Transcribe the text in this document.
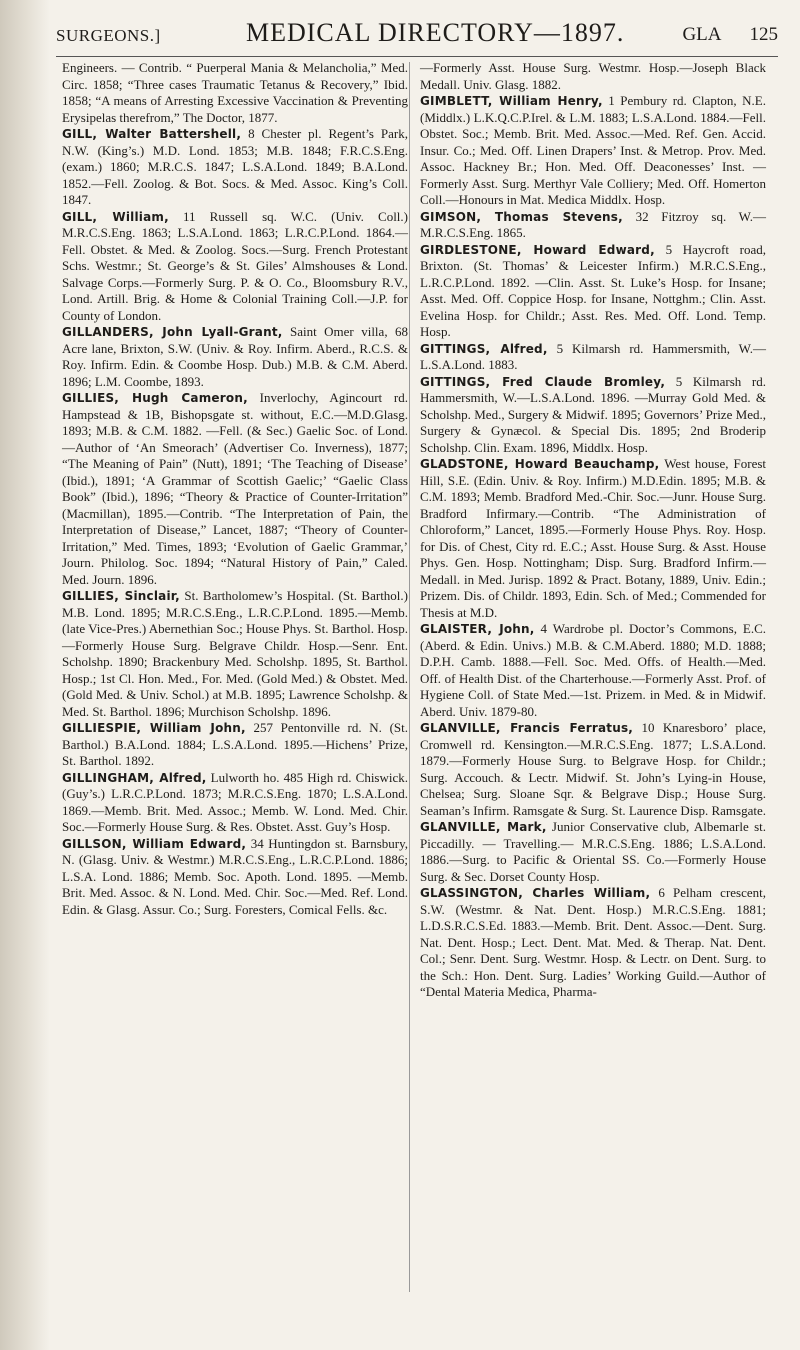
SURGEONS.]	MEDICAL DIRECTORY—1897.	GLA 125

Engineers. — Contrib. “ Puerperal Mania & Melancholia,” Med. Circ. 1858; “Three cases Traumatic Tetanus & Recovery,” Ibid. 1858; “A means of Arresting Excessive Vaccination & Preventing Erysipelas therefrom,” The Doctor, 1877.

GILL, Walter Battershell, 8 Chester pl. Regent’s Park, N.W. (King’s.) M.D. Lond. 1853; M.B. 1848; F.R.C.S.Eng. (exam.) 1860; M.R.C.S. 1847; L.S.A.Lond. 1849; B.A.Lond. 1852.—Fell. Zoolog. & Bot. Socs. & Med. Assoc. King’s Coll. 1847.

GILL, William, 11 Russell sq. W.C. (Univ. Coll.) M.R.C.S.Eng. 1863; L.S.A.Lond. 1863; L.R.C.P.Lond. 1864.—Fell. Obstet. & Med. & Zoolog. Socs.—Surg. French Protestant Schs. Westmr.; St. George’s & St. Giles’ Almshouses & Lond. Salvage Corps.—Formerly Surg. P. & O. Co., Bloomsbury R.V., Lond. Artill. Brig. & Home & Colonial Training Coll.—J.P. for County of London.

GILLANDERS, John Lyall-Grant, Saint Omer villa, 68 Acre lane, Brixton, S.W. (Univ. & Roy. Infirm. Aberd., R.C.S. & Roy. Infirm. Edin. & Coombe Hosp. Dub.) M.B. & C.M. Aberd. 1896; L.M. Coombe, 1893.

GILLIES, Hugh Cameron, Inverlochy, Agincourt rd. Hampstead & 1B, Bishopsgate st. without, E.C.—M.D.Glasg. 1893; M.B. & C.M. 1882. —Fell. (& Sec.) Gaelic Soc. of Lond.—Author of ‘An Smeorach’ (Advertiser Co. Inverness), 1877; “The Meaning of Pain” (Nutt), 1891; ‘The Teaching of Disease’ (Ibid.), 1891; ‘A Grammar of Scottish Gaelic;’ “Gaelic Class Book” (Ibid.), 1896; “Theory & Practice of Counter-Irritation” (Macmillan), 1895.—Contrib. “The Interpretation of Pain, the Interpretation of Disease,” Lancet, 1887; “Theory of Counter-Irritation,” Med. Times, 1893; ‘Evolution of Gaelic Grammar,’ Journ. Philolog. Soc. 1894; “Natural History of Pain,” Caled. Med. Journ. 1896.

GILLIES, Sinclair, St. Bartholomew’s Hospital. (St. Barthol.) M.B. Lond. 1895; M.R.C.S.Eng., L.R.C.P.Lond. 1895.—Memb. (late Vice-Pres.) Abernethian Soc.; House Phys. St. Barthol. Hosp.—Formerly House Surg. Belgrave Childr. Hosp.—Senr. Ent. Scholshp. 1890; Brackenbury Med. Scholshp. 1895, St. Barthol. Hosp.; 1st Cl. Hon. Med., For. Med. (Gold Med.) & Obstet. Med. (Gold Med. & Univ. Schol.) at M.B. 1895; Lawrence Scholshp. & Med. St. Barthol. 1896; Murchison Scholshp. 1896.

GILLIESPIE, William John, 257 Pentonville rd. N. (St. Barthol.) B.A.Lond. 1884; L.S.A.Lond. 1895.—Hichens’ Prize, St. Barthol. 1892.

GILLINGHAM, Alfred, Lulworth ho. 485 High rd. Chiswick. (Guy’s.) L.R.C.P.Lond. 1873; M.R.C.S.Eng. 1870; L.S.A.Lond. 1869.—Memb. Brit. Med. Assoc.; Memb. W. Lond. Med. Chir. Soc.—Formerly House Surg. & Res. Obstet. Asst. Guy’s Hosp.

GILLSON, William Edward, 34 Huntingdon st. Barnsbury, N. (Glasg. Univ. & Westmr.) M.R.C.S.Eng., L.R.C.P.Lond. 1886; L.S.A. Lond. 1886; Memb. Soc. Apoth. Lond. 1895. —Memb. Brit. Med. Assoc. & N. Lond. Med. Chir. Soc.—Med. Ref. Lond. Edin. & Glasg. Assur. Co.; Surg. Foresters, Comical Fells. &c.

—Formerly Asst. House Surg. Westmr. Hosp.—Joseph Black Medall. Univ. Glasg. 1882.

GIMBLETT, William Henry, 1 Pembury rd. Clapton, N.E. (Middlx.) L.K.Q.C.P.Irel. & L.M. 1883; L.S.A.Lond. 1884.—Fell. Obstet. Soc.; Memb. Brit. Med. Assoc.—Med. Ref. Gen. Accid. Insur. Co.; Med. Off. Linen Drapers’ Inst. & Metrop. Prov. Med. Assoc. Hackney Br.; Hon. Med. Off. Deaconesses’ Inst. —Formerly Asst. Surg. Merthyr Vale Colliery; Med. Off. Homerton Coll.—Honours in Mat. Medica Middlx. Hosp.

GIMSON, Thomas Stevens, 32 Fitzroy sq. W.—M.R.C.S.Eng. 1865.

GIRDLESTONE, Howard Edward, 5 Haycroft road, Brixton. (St. Thomas’ & Leicester Infirm.) M.R.C.S.Eng., L.R.C.P.Lond. 1892. —Clin. Asst. St. Luke’s Hosp. for Insane; Asst. Med. Off. Coppice Hosp. for Insane, Nottghm.; Clin. Asst. Evelina Hosp. for Childr.; Asst. Res. Med. Off. Lond. Temp. Hosp.

GITTINGS, Alfred, 5 Kilmarsh rd. Hammersmith, W.—L.S.A.Lond. 1883.

GITTINGS, Fred Claude Bromley, 5 Kilmarsh rd. Hammersmith, W.—L.S.A.Lond. 1896. —Murray Gold Med. & Scholshp. Med., Surgery & Midwif. 1895; Governors’ Prize Med., Surgery & Gynæcol. & Special Dis. 1895; 2nd Broderip Scholshp. Clin. Exam. 1896, Middlx. Hosp.

GLADSTONE, Howard Beauchamp, West house, Forest Hill, S.E. (Edin. Univ. & Roy. Infirm.) M.D.Edin. 1895; M.B. & C.M. 1893; Memb. Bradford Med.-Chir. Soc.—Junr. House Surg. Bradford Infirmary.—Contrib. “The Administration of Chloroform,” Lancet, 1895.—Formerly House Phys. Roy. Hosp. for Dis. of Chest, City rd. E.C.; Asst. House Surg. & Asst. House Phys. Gen. Hosp. Nottingham; Disp. Surg. Bradford Infirm.—Medall. in Med. Jurisp. 1892 & Pract. Botany, 1889, Univ. Edin.; Prizem. Dis. of Childr. 1893, Edin. Sch. of Med.; Commended for Thesis at M.D.

GLAISTER, John, 4 Wardrobe pl. Doctor’s Commons, E.C. (Aberd. & Edin. Univs.) M.B. & C.M.Aberd. 1880; M.D. 1888; D.P.H. Camb. 1888.—Fell. Soc. Med. Offs. of Health.—Med. Off. of Health Dist. of the Charterhouse.—Formerly Asst. Prof. of Hygiene Coll. of State Med.—1st. Prizem. in Med. & in Midwif. Aberd. Univ. 1879-80.

GLANVILLE, Francis Ferratus, 10 Knaresboro’ place, Cromwell rd. Kensington.—M.R.C.S.Eng. 1877; L.S.A.Lond. 1879.—Formerly House Surg. to Belgrave Hosp. for Childr.; Surg. Accouch. & Lectr. Midwif. St. John’s Lying-in House, Chelsea; Surg. Sloane Sqr. & Belgrave Disp.; House Surg. Seaman’s Infirm. Ramsgate & Surg. St. Laurence Disp. Ramsgate.

GLANVILLE, Mark, Junior Conservative club, Albemarle st. Piccadilly. — Travelling.— M.R.C.S.Eng. 1886; L.S.A.Lond. 1886.—Surg. to Pacific & Oriental SS. Co.—Formerly House Surg. & Sec. Dorset County Hosp.

GLASSINGTON, Charles William, 6 Pelham crescent, S.W. (Westmr. & Nat. Dent. Hosp.) M.R.C.S.Eng. 1881; L.D.S.R.C.S.Ed. 1883.—Memb. Brit. Dent. Assoc.—Dent. Surg. Nat. Dent. Hosp.; Lect. Dent. Mat. Med. & Therap. Nat. Dent. Col.; Senr. Dent. Surg. Westmr. Hosp. & Lectr. on Dent. Surg. to the Sch.: Hon. Dent. Surg. Ladies’ Working Guild.—Author of “Dental Materia Medica, Pharma-
